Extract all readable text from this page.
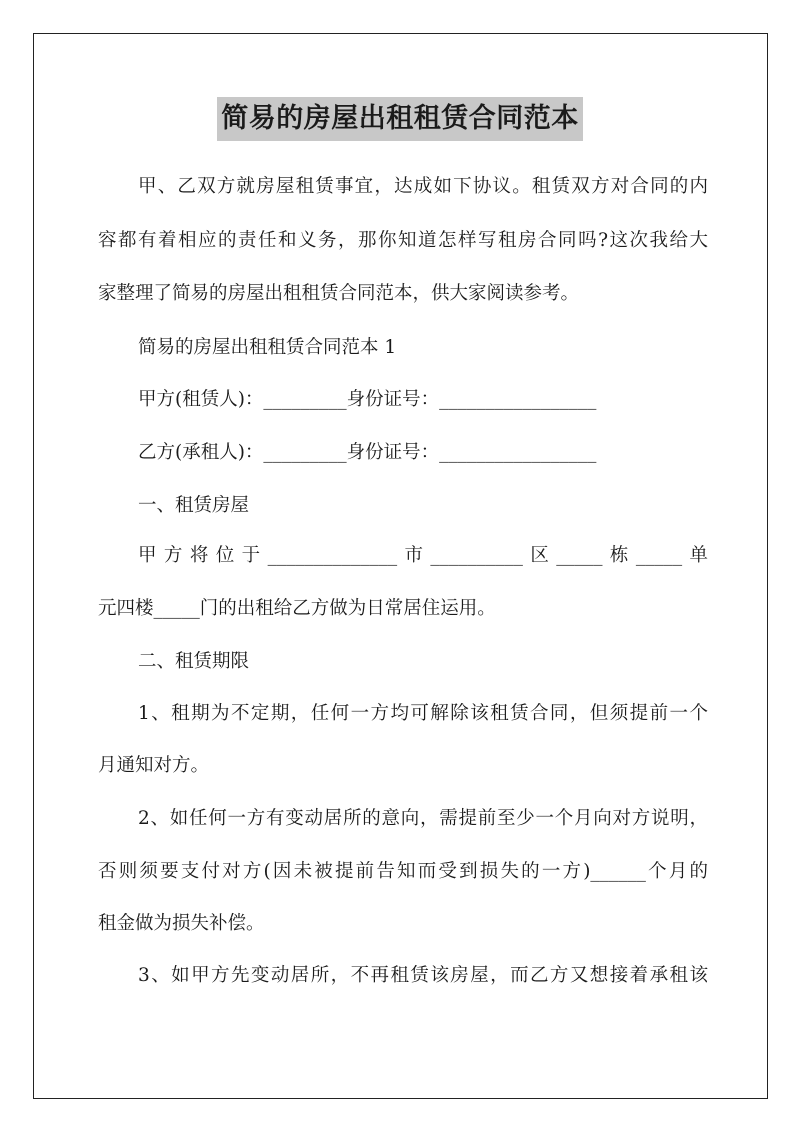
简易的房屋出租租赁合同范本
甲、乙双方就房屋租赁事宜，达成如下协议。租赁双方对合同的内
容都有着相应的责任和义务，那你知道怎样写租房合同吗?这次我给大
家整理了简易的房屋出租租赁合同范本，供大家阅读参考。
简易的房屋出租租赁合同范本 1
甲方(租赁人)：_________身份证号：_________________
乙方(承租人)：_________身份证号：_________________
一、租赁房屋
甲方将位于______________市__________区_____栋_____单
元四楼_____门的出租给乙方做为日常居住运用。
二、租赁期限
1、租期为不定期，任何一方均可解除该租赁合同，但须提前一个
月通知对方。
2、如任何一方有变动居所的意向，需提前至少一个月向对方说明，
否则须要支付对方(因未被提前告知而受到损失的一方)______个月的
租金做为损失补偿。
3、如甲方先变动居所，不再租赁该房屋，而乙方又想接着承租该
